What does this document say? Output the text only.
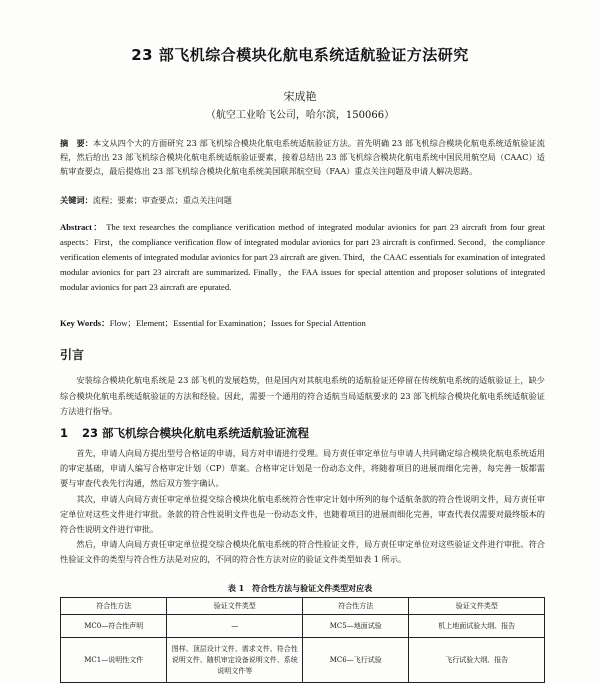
23 部飞机综合模块化航电系统适航验证方法研究
宋成艳
（航空工业哈飞公司，哈尔滨，150066）
摘　要：本文从四个大的方面研究 23 部飞机综合模块化航电系统适航验证方法。首先明确 23 部飞机综合模块化航电系统适航验证流程，然后给出 23 部飞机综合模块化航电系统适航验证要素，接着总结出 23 部飞机综合模块化航电系统中国民用航空局（CAAC）适航审查要点，最后提炼出 23 部飞机综合模块化航电系统美国联邦航空局（FAA）重点关注问题及申请人解决思路。
关键词：流程；要素；审查要点；重点关注问题
Abstract： The text researches the compliance verification method of integrated modular avionics for part 23 aircraft from four great aspects：First，the compliance verification flow of integrated modular avionics for part 23 aircraft is confirmed. Second，the compliance verification elements of integrated modular avionics for part 23 aircraft are given. Third，the CAAC essentials for examination of integrated modular avionics for part 23 aircraft are summarized. Finally，the FAA issues for special attention and proposer solutions of integrated modular avionics for part 23 aircraft are epurated.
Key Words：Flow；Element；Essential for Examination；Issues for Special Attention
引言
安装综合模块化航电系统是 23 部飞机的发展趋势，但是国内对其航电系统的适航验证还停留在传统航电系统的适航验证上，缺少综合模块化航电系统适航验证的方法和经验。因此，需要一个通用的符合适航当局适航要求的 23 部飞机综合模块化航电系统适航验证方法进行指导。
1 23 部飞机综合模块化航电系统适航验证流程

首先，申请人向局方提出型号合格证的申请，局方对申请进行受理。局方责任审定单位与申请人共同确定综合模块化航电系统适用的审定基础，申请人编写合格审定计划（CP）草案。合格审定计划是一份动态文件，将随着项目的进展而细化完善，每完善一版都需要与审查代表先行沟通，然后双方签字确认。

其次，申请人向局方责任审定单位提交综合模块化航电系统符合性审定计划中所列的每个适航条款的符合性说明文件，局方责任审定单位对这些文件进行审批。条款的符合性说明文件也是一份动态文件，也随着项目的进展而细化完善，审查代表仅需要对最终版本的符合性说明文件进行审批。

然后，申请人向局方责任审定单位提交综合模块化航电系统的符合性验证文件，局方责任审定单位对这些验证文件进行审批。符合性验证文件的类型与符合性方法是对应的，不同的符合性方法对应的验证文件类型如表 1 所示。

表 1　符合性方法与验证文件类型对应表
符合性方法	验证文件类型	符合性方法	验证文件类型
MC0—符合性声明	—	MC5—地面试验	机上地面试验大纲、报告
MC1—说明性文件	图样、顶层设计文件、需求文件、符合性说明文件、随机审定设备说明文件、系统说明文件等	MC6—飞行试验	飞行试验大纲、报告
